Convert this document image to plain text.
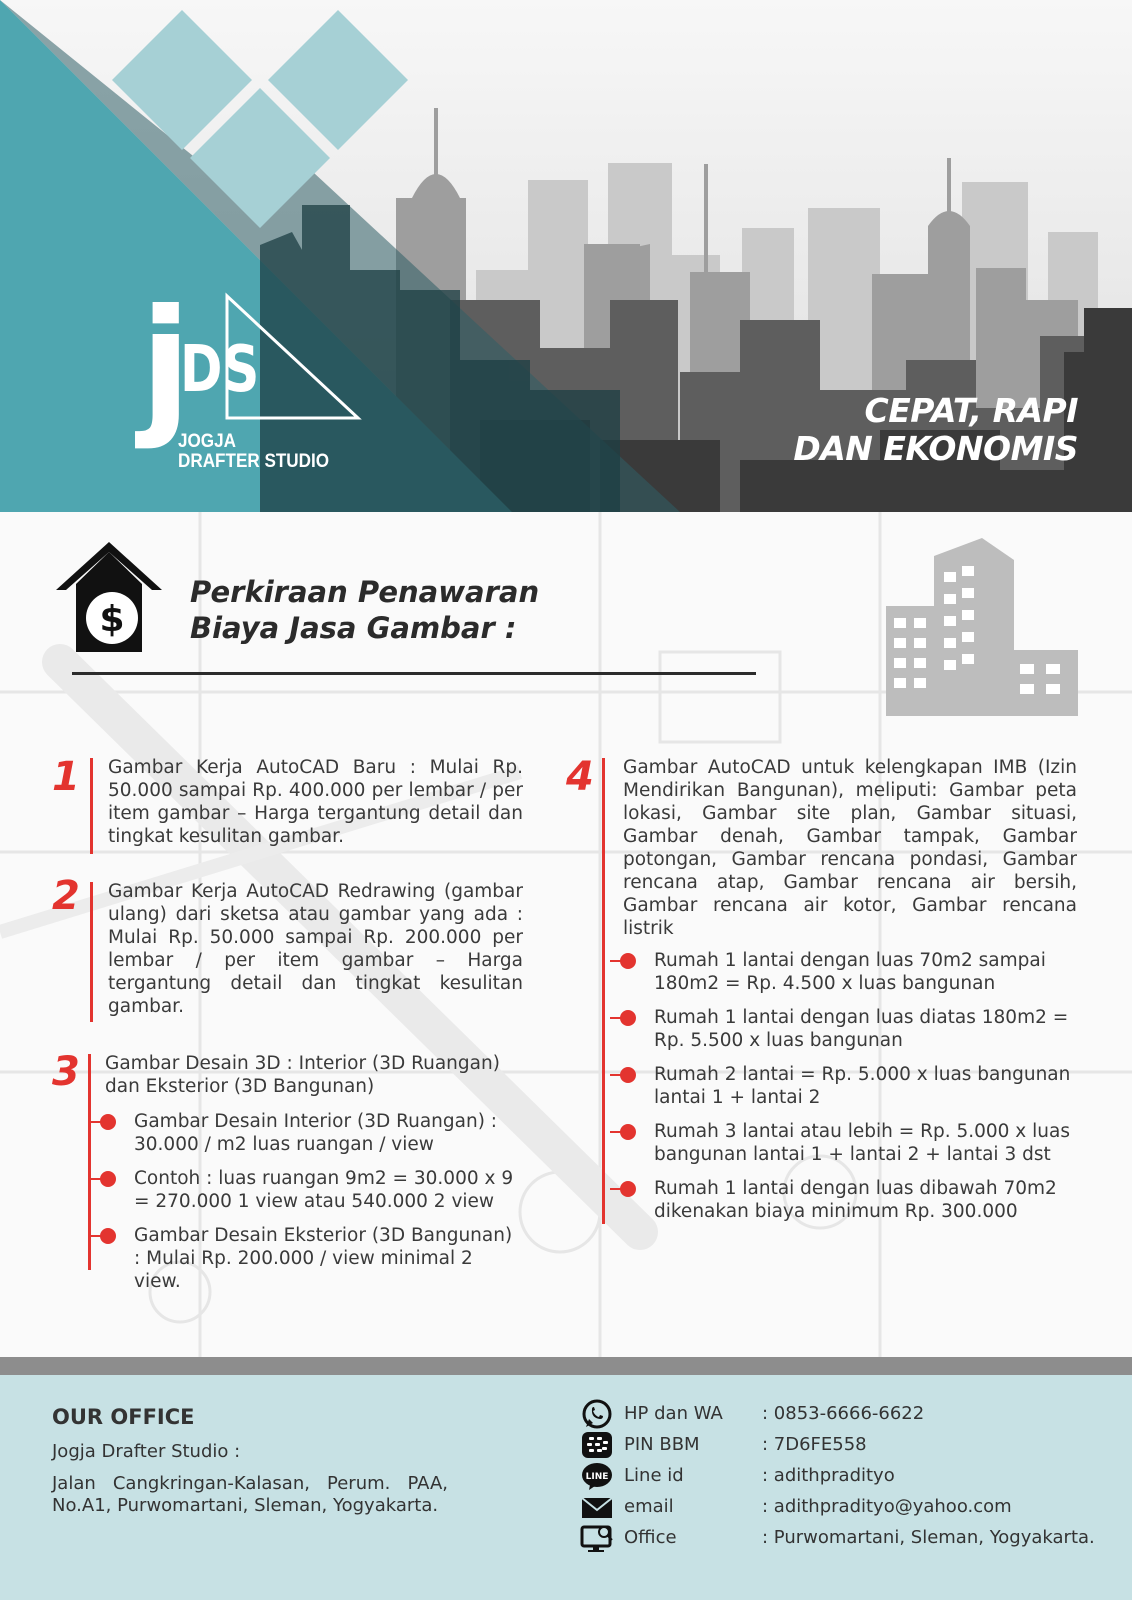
j
DS
JOGJA
DRAFTER STUDIO
CEPAT, RAPI
DAN EKONOMIS
$
Perkiraan Penawaran
Biaya Jasa Gambar :
1 Gambar Kerja AutoCAD Baru : Mulai Rp. 50.000 sampai Rp. 400.000 per lembar / per item gambar – Harga tergantung detail dan tingkat kesulitan gambar.
2 Gambar Kerja AutoCAD Redrawing (gambar ulang) dari sketsa atau gambar yang ada : Mulai Rp. 50.000 sampai Rp. 200.000 per lembar / per item gambar – Harga tergantung detail dan tingkat kesulitan gambar.
3 Gambar Desain 3D : Interior (3D Ruangan) dan Eksterior (3D Bangunan)
Gambar Desain Interior (3D Ruangan) : 30.000 / m2 luas ruangan / view
Contoh : luas ruangan 9m2 = 30.000 x 9 = 270.000 1 view atau 540.000 2 view
Gambar Desain Eksterior (3D Bangunan) : Mulai Rp. 200.000 / view minimal 2 view.
4 Gambar AutoCAD untuk kelengkapan IMB (Izin Mendirikan Bangunan), meliputi: Gambar peta lokasi, Gambar site plan, Gambar situasi, Gambar denah, Gambar tampak, Gambar potongan, Gambar rencana pondasi, Gambar rencana atap, Gambar rencana air bersih, Gambar rencana air kotor, Gambar rencana listrik
Rumah 1 lantai dengan luas 70m2 sampai 180m2 = Rp. 4.500 x luas bangunan
Rumah 1 lantai dengan luas diatas 180m2 = Rp. 5.500 x luas bangunan
Rumah 2 lantai = Rp. 5.000 x luas bangunan lantai 1 + lantai 2
Rumah 3 lantai atau lebih = Rp. 5.000 x luas bangunan lantai 1 + lantai 2 + lantai 3 dst
Rumah 1 lantai dengan luas dibawah 70m2 dikenakan biaya minimum Rp. 300.000
OUR OFFICE
Jogja Drafter Studio :
Jalan Cangkringan-Kalasan, Perum. PAA, No.A1, Purwomartani, Sleman, Yogyakarta.
HP dan WA : 0853-6666-6622
PIN BBM	: 7D6FE558
LINE Line id	: adithpradityo
email	: adithpradityo@yahoo.com
Office	: Purwomartani, Sleman, Yogyakarta.
